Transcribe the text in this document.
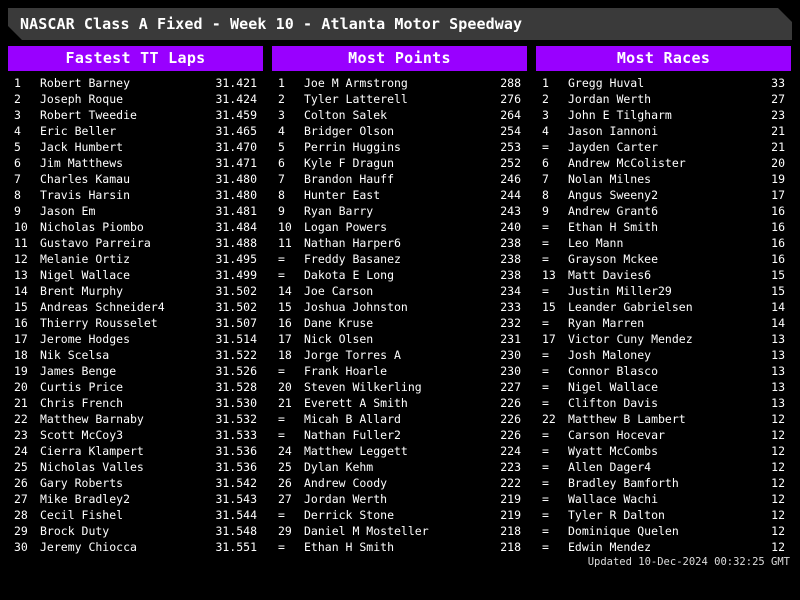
NASCAR Class A Fixed - Week 10 - Atlanta Motor Speedway
Fastest TT Laps
1	Robert Barney	31.421
2	Joseph Roque	31.424
3	Robert Tweedie	31.459
4	Eric Beller	31.465
5	Jack Humbert	31.470
6	Jim Matthews	31.471
7	Charles Kamau	31.480
8	Travis Harsin	31.480
9	Jason Em	31.481
10	Nicholas Piombo	31.484
11	Gustavo Parreira	31.488
12	Melanie Ortiz	31.495
13	Nigel Wallace	31.499
14	Brent Murphy	31.502
15	Andreas Schneider4	31.502
16	Thierry Rousselet	31.507
17	Jerome Hodges	31.514
18	Nik Scelsa	31.522
19	James Benge	31.526
20	Curtis Price	31.528
21	Chris French	31.530
22	Matthew Barnaby	31.532
23	Scott McCoy3	31.533
24	Cierra Klampert	31.536
25	Nicholas Valles	31.536
26	Gary Roberts	31.542
27	Mike Bradley2	31.543
28	Cecil Fishel	31.544
29	Brock Duty	31.548
30	Jeremy Chiocca	31.551
Most Points
1	Joe M Armstrong	288
2	Tyler Latterell	276
3	Colton Salek	264
4	Bridger Olson	254
5	Perrin Huggins	253
6	Kyle F Dragun	252
7	Brandon Hauff	246
8	Hunter East	244
9	Ryan Barry	243
10	Logan Powers	240
11	Nathan Harper6	238
=	Freddy Basanez	238
=	Dakota E Long	238
14	Joe Carson	234
15	Joshua Johnston	233
16	Dane Kruse	232
17	Nick Olsen	231
18	Jorge Torres A	230
=	Frank Hoarle	230
20	Steven Wilkerling	227
21	Everett A Smith	226
=	Micah B Allard	226
=	Nathan Fuller2	226
24	Matthew Leggett	224
25	Dylan Kehm	223
26	Andrew Coody	222
27	Jordan Werth	219
=	Derrick Stone	219
29	Daniel M Mosteller	218
=	Ethan H Smith	218
Most Races
1	Gregg Huval	33
2	Jordan Werth	27
3	John E Tilgharm	23
4	Jason Iannoni	21
=	Jayden Carter	21
6	Andrew McColister	20
7	Nolan Milnes	19
8	Angus Sweeny2	17
9	Andrew Grant6	16
=	Ethan H Smith	16
=	Leo Mann	16
=	Grayson Mckee	16
13	Matt Davies6	15
=	Justin Miller29	15
15	Leander Gabrielsen	14
=	Ryan Marren	14
17	Victor Cuny Mendez	13
=	Josh Maloney	13
=	Connor Blasco	13
=	Nigel Wallace	13
=	Clifton Davis	13
22	Matthew B Lambert	12
=	Carson Hocevar	12
=	Wyatt McCombs	12
=	Allen Dager4	12
=	Bradley Bamforth	12
=	Wallace Wachi	12
=	Tyler R Dalton	12
=	Dominique Quelen	12
=	Edwin Mendez	12
Updated 10-Dec-2024 00:32:25 GMT
